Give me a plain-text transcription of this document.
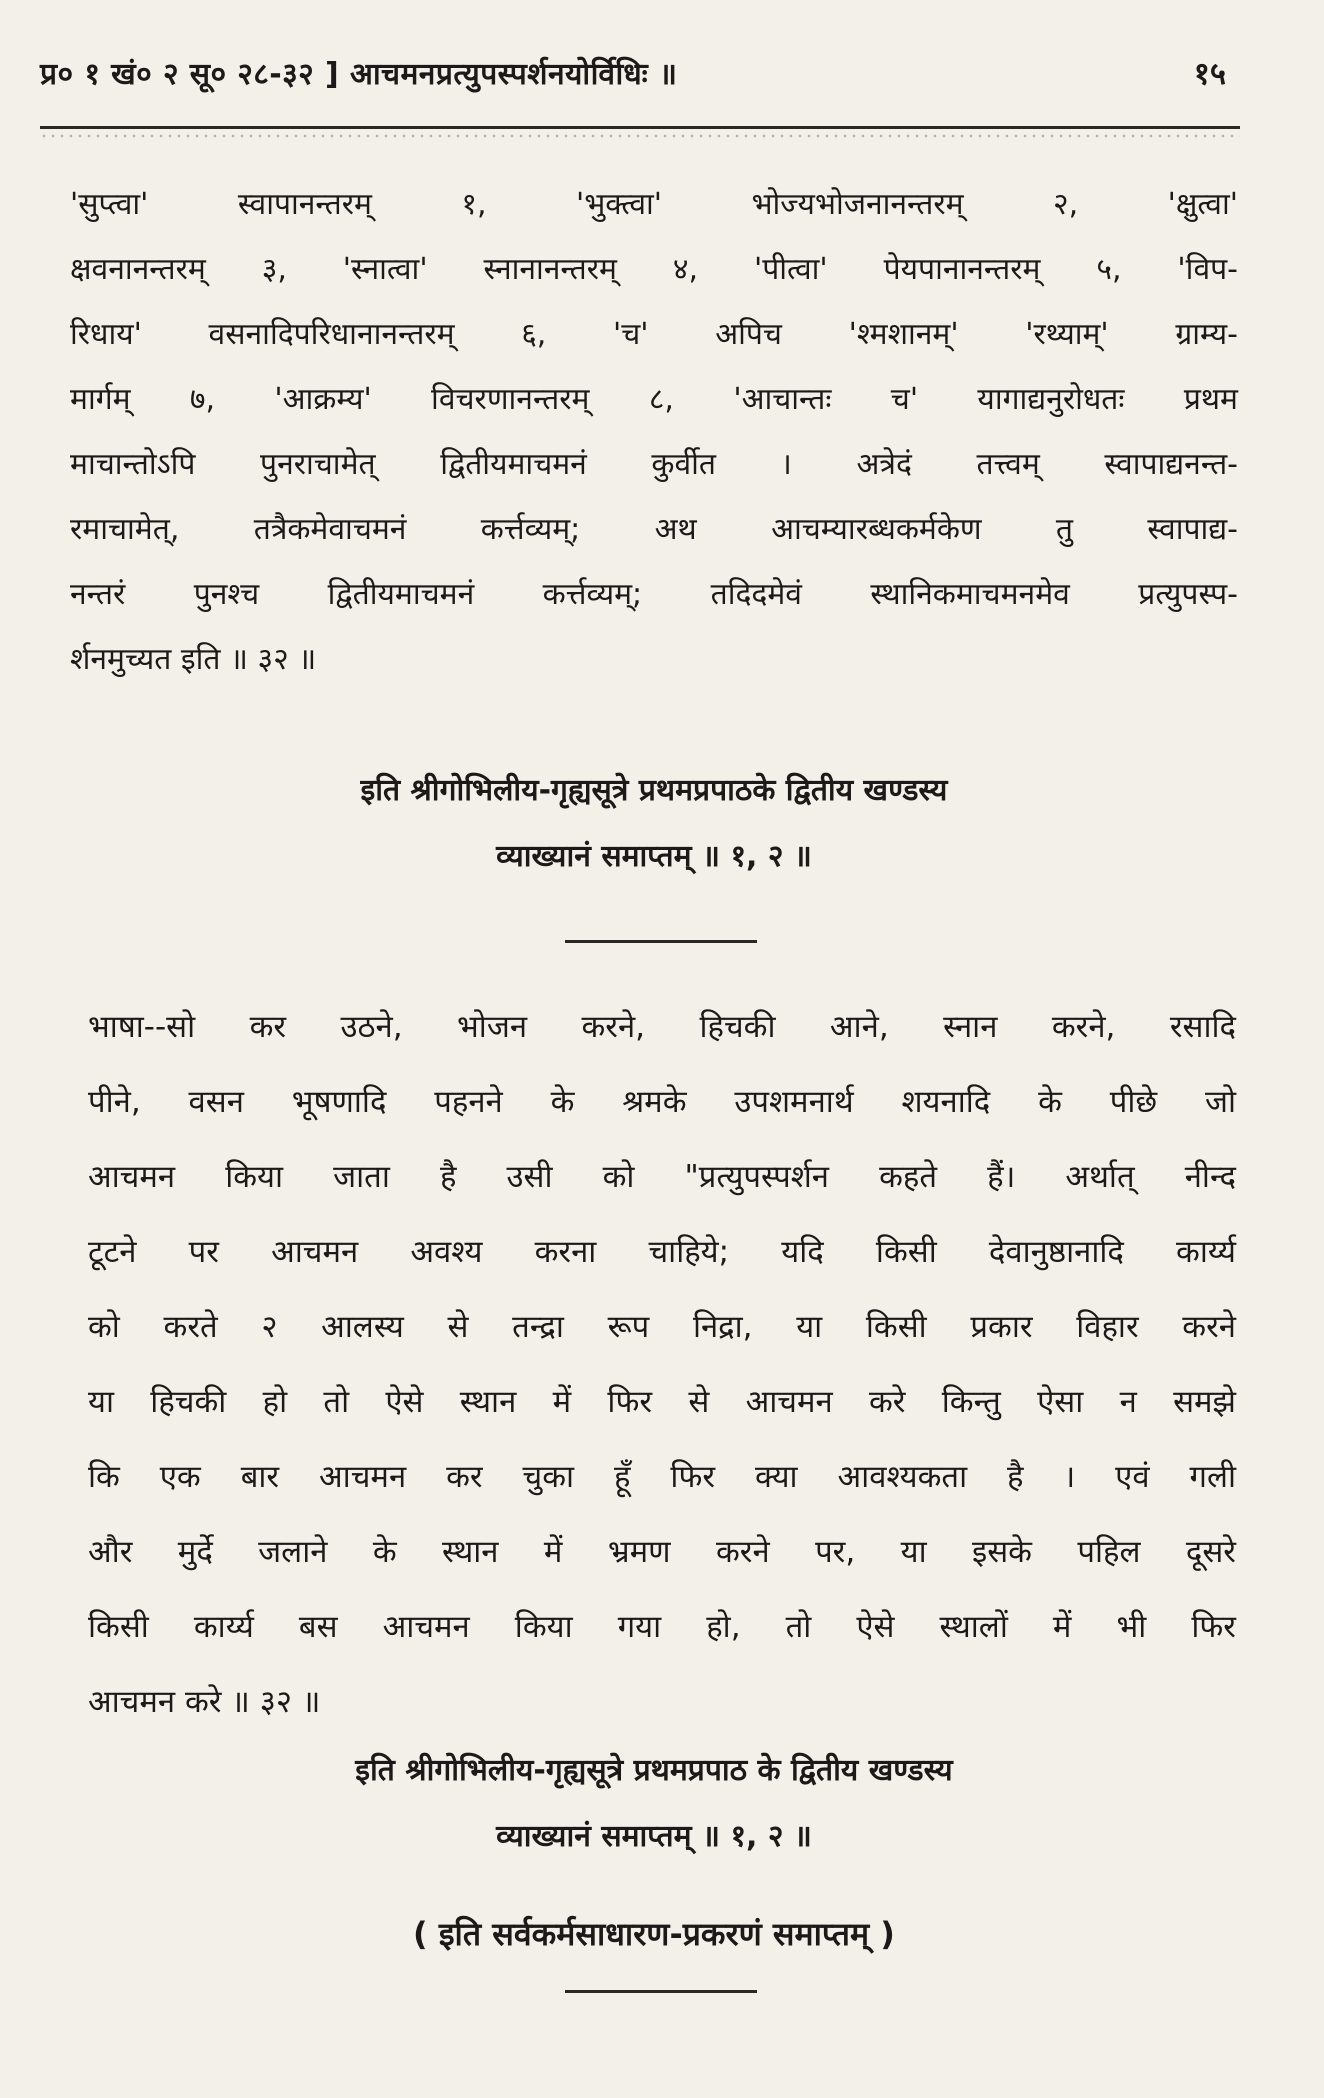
प्र० १ खं० २ सू० २८-३२ ] आचमनप्रत्युपस्पर्शनयोर्विधिः ॥	१५
'सुप्त्वा' स्वापानन्तरम् १, 'भुक्त्वा' भोज्यभोजनानन्तरम् २, 'क्षुत्वा'
क्षवनानन्तरम् ३, 'स्नात्वा' स्नानानन्तरम् ४, 'पीत्वा' पेयपानानन्तरम् ५, 'विप-
रिधाय' वसनादिपरिधानानन्तरम् ६, 'च' अपिच 'श्मशानम्' 'रथ्याम्' ग्राम्य-
मार्गम् ७, 'आक्रम्य' विचरणानन्तरम् ८, 'आचान्तः च' यागाद्यनुरोधतः प्रथम
माचान्तोऽपि पुनराचामेत् द्वितीयमाचमनं कुर्वीत । अत्रेदं तत्त्वम् स्वापाद्यनन्त-
रमाचामेत्, तत्रैकमेवाचमनं कर्त्तव्यम्; अथ आचम्यारब्धकर्मकेण तु स्वापाद्य-
नन्तरं पुनश्च द्वितीयमाचमनं कर्त्तव्यम्; तदिदमेवं स्थानिकमाचमनमेव प्रत्युपस्प-
र्शनमुच्यत इति ॥ ३२ ॥
इति श्रीगोभिलीय-गृह्यसूत्रे प्रथमप्रपाठके द्वितीय खण्डस्य
व्याख्यानं समाप्तम् ॥ १, २ ॥
भाषा--सो कर उठने, भोजन करने, हिचकी आने, स्नान करने, रसादि
पीने, वसन भूषणादि पहनने के श्रमके उपशमनार्थ शयनादि के पीछे जो
आचमन किया जाता है उसी को "प्रत्युपस्पर्शन कहते हैं। अर्थात् नीन्द
टूटने पर आचमन अवश्य करना चाहिये; यदि किसी देवानुष्ठानादि कार्य्य
को करते २ आलस्य से तन्द्रा रूप निद्रा, या किसी प्रकार विहार करने
या हिचकी हो तो ऐसे स्थान में फिर से आचमन करे किन्तु ऐसा न समझे
कि एक बार आचमन कर चुका हूँ फिर क्या आवश्यकता है । एवं गली
और मुर्दे जलाने के स्थान में भ्रमण करने पर, या इसके पहिल दूसरे
किसी कार्य्य बस आचमन किया गया हो, तो ऐसे स्थालों में भी फिर
आचमन करे ॥ ३२ ॥
इति श्रीगोभिलीय-गृह्यसूत्रे प्रथमप्रपाठ के द्वितीय खण्डस्य
व्याख्यानं समाप्तम् ॥ १, २ ॥
( इति सर्वकर्मसाधारण-प्रकरणं समाप्तम् )
